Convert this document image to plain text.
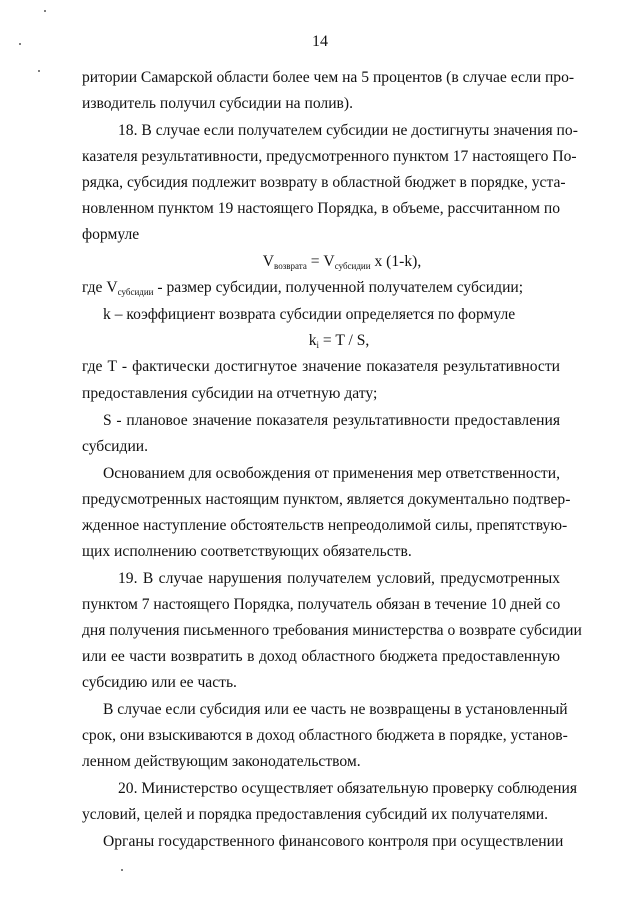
14
ритории Самарской области более чем на 5 процентов (в случае если про-
изводитель получил субсидии на полив).
18. В случае если получателем субсидии не достигнуты значения по-
казателя результативности, предусмотренного пунктом 17 настоящего По-
рядка, субсидия подлежит возврату в областной бюджет в порядке, уста-
новленном пунктом 19 настоящего Порядка, в объеме, рассчитанном по
формуле
$V_{возврата} = V_{субсидии}$ x (1-k),
где $V_{субсидии}$ - размер субсидии, полученной получателем субсидии;
k – коэффициент возврата субсидии определяется по формуле
$k_i = T / S$,
где T - фактически достигнутое значение показателя результативности
предоставления субсидии на отчетную дату;
S - плановое значение показателя результативности предоставления
субсидии.
Основанием для освобождения от применения мер ответственности,
предусмотренных настоящим пунктом, является документально подтвер-
жденное наступление обстоятельств непреодолимой силы, препятствую-
щих исполнению соответствующих обязательств.
19. В случае нарушения получателем условий, предусмотренных
пунктом 7 настоящего Порядка, получатель обязан в течение 10 дней со
дня получения письменного требования министерства о возврате субсидии
или ее части возвратить в доход областного бюджета предоставленную
субсидию или ее часть.
В случае если субсидия или ее часть не возвращены в установленный
срок, они взыскиваются в доход областного бюджета в порядке, установ-
ленном действующим законодательством.
20. Министерство осуществляет обязательную проверку соблюдения
условий, целей и порядка предоставления субсидий их получателями.
Органы государственного финансового контроля при осуществлении
